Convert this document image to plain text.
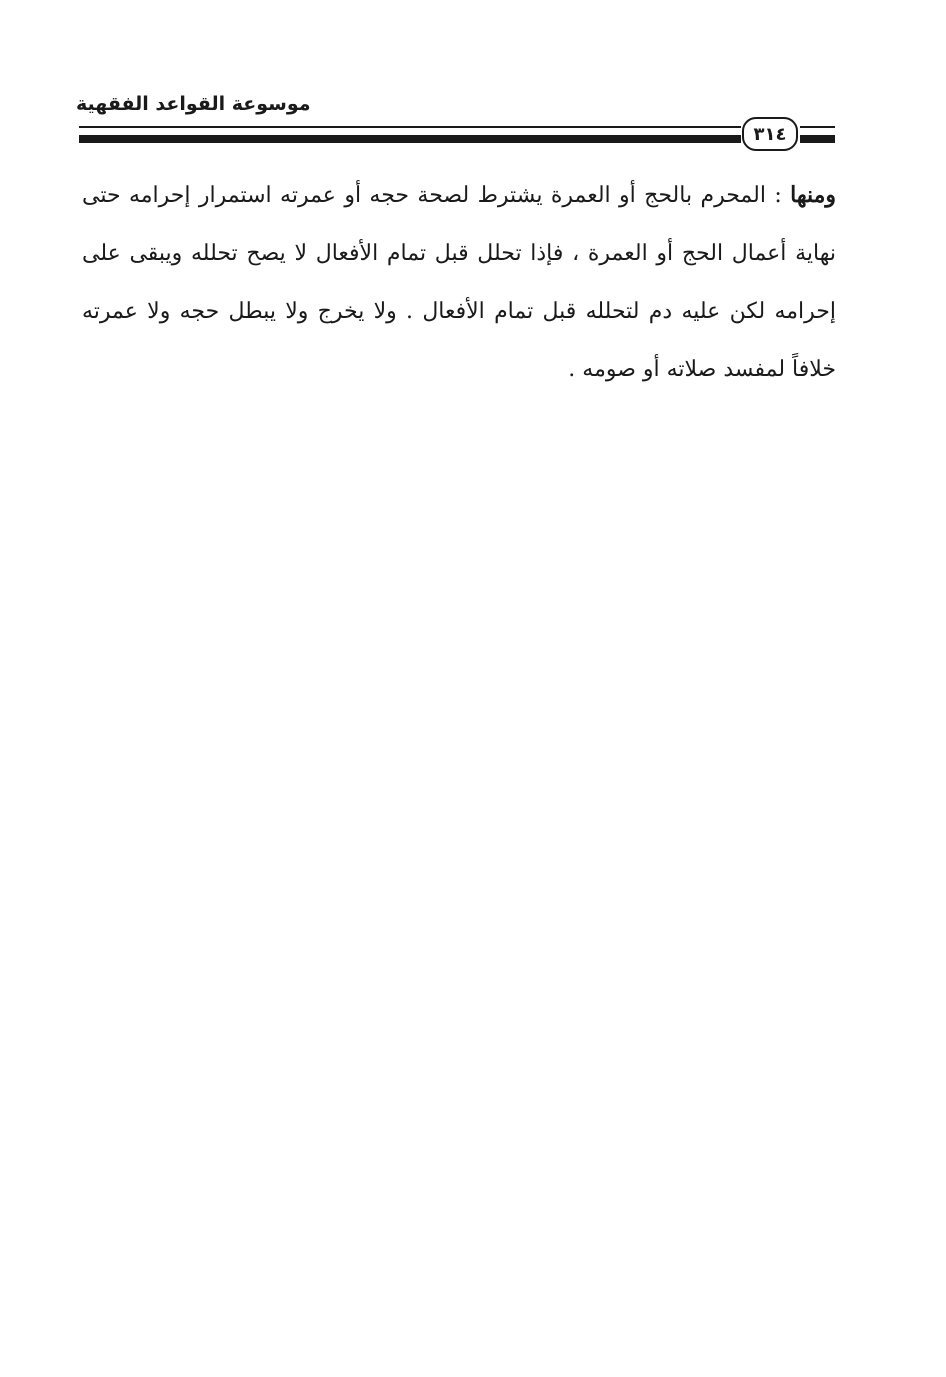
موسوعة القواعد الفقهية
٣١٤
ومنها : المحرم بالحج أو العمرة يشترط لصحة حجه أو عمرته استمرار إحرامه حتى نهاية أعمال الحج أو العمرة ، فإذا تحلل قبل تمام الأفعال لا يصح تحلله ويبقى على إحرامه لكن عليه دم لتحلله قبل تمام الأفعال . ولا يخرج ولا يبطل حجه ولا عمرته خلافاً لمفسد صلاته أو صومه .
